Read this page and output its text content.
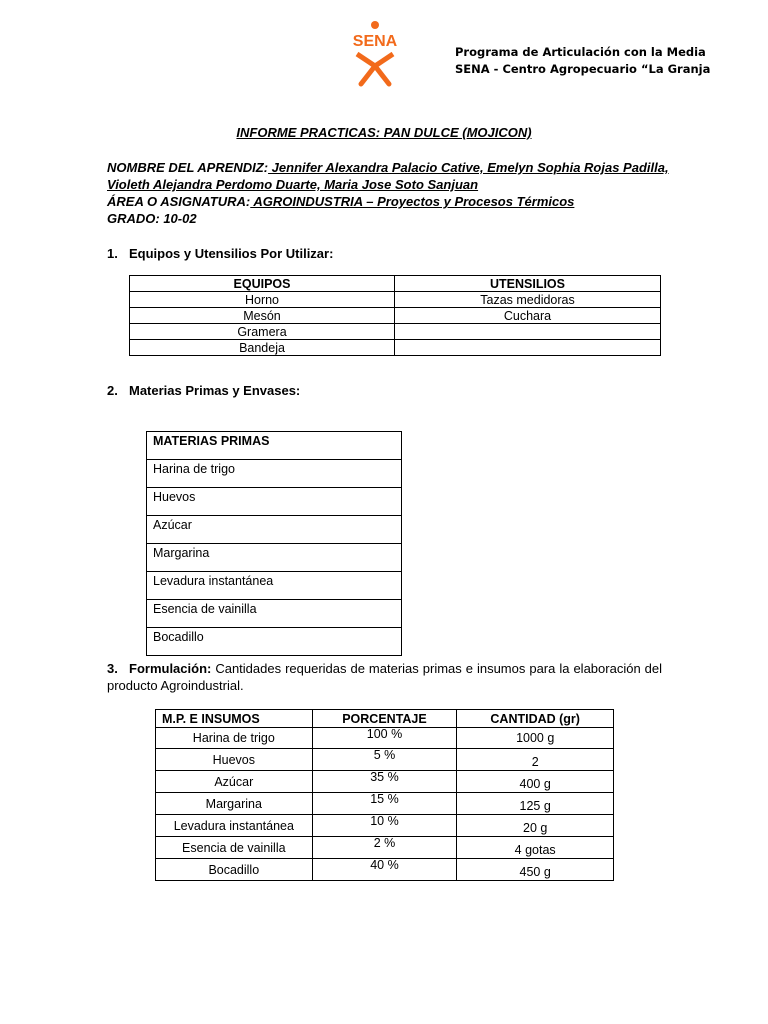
SENA
Programa de Articulación con la Media
SENA - Centro Agropecuario “La Granja
INFORME PRACTICAS: PAN DULCE (MOJICON)
NOMBRE DEL APRENDIZ: Jennifer Alexandra Palacio Cative, Emelyn Sophia Rojas Padilla,
Violeth Alejandra Perdomo Duarte, Maria Jose Soto Sanjuan
ÁREA O ASIGNATURA: AGROINDUSTRIA – Proyectos y Procesos Térmicos
GRADO: 10-02
1. Equipos y Utensilios Por Utilizar:
EQUIPOS	UTENSILIOS
Horno	Tazas medidoras
Mesón	Cuchara
Gramera	
Bandeja	
2. Materias Primas y Envases:
MATERIAS PRIMAS
Harina de trigo
Huevos
Azúcar
Margarina
Levadura instantánea
Esencia de vainilla
Bocadillo
3. Formulación: Cantidades requeridas de materias primas e insumos para la elaboración del producto Agroindustrial.
M.P. E INSUMOS	PORCENTAJE	CANTIDAD (gr)
Harina de trigo	100 %	1000 g
Huevos	5 %	2
Azúcar	35 %	400 g
Margarina	15 %	125 g
Levadura instantánea	10 %	20 g
Esencia de vainilla	2 %	4 gotas
Bocadillo	40 %	450 g
